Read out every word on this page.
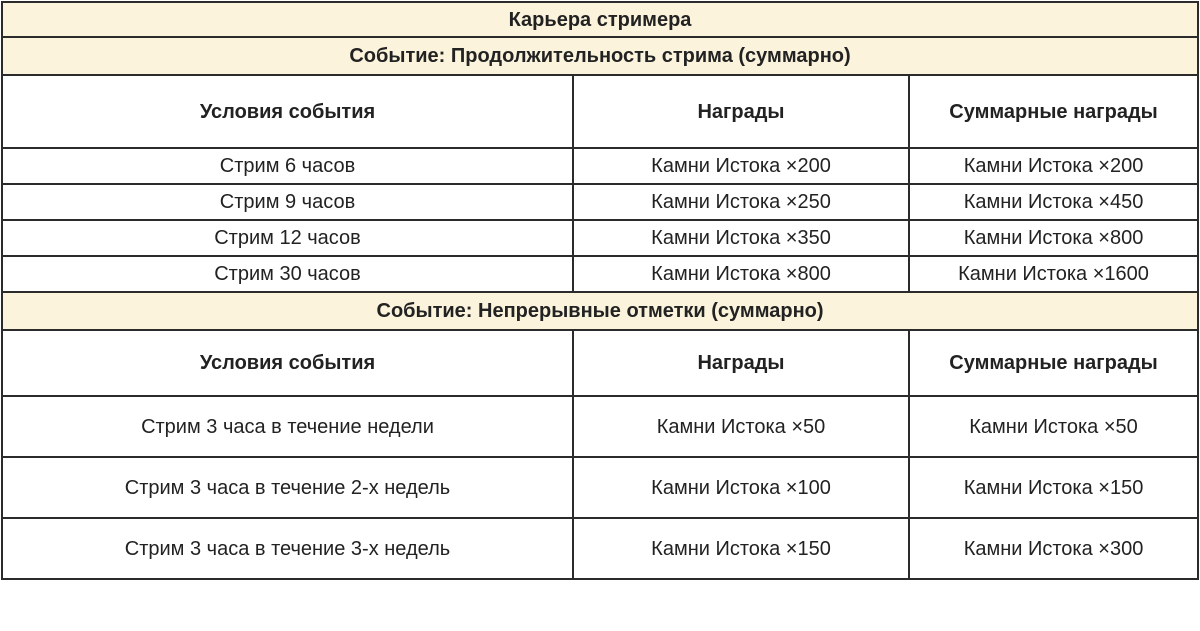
Карьера стримера		
Событие: Продолжительность стрима (суммарно)		
Условия события	Награды	Суммарные награды
Стрим 6 часов	Камни Истока ×200	Камни Истока ×200
Стрим 9 часов	Камни Истока ×250	Камни Истока ×450
Стрим 12 часов	Камни Истока ×350	Камни Истока ×800
Стрим 30 часов	Камни Истока ×800	Камни Истока ×1600
Событие: Непрерывные отметки (суммарно)		
Условия события	Награды	Суммарные награды
Стрим 3 часа в течение недели	Камни Истока ×50	Камни Истока ×50
Стрим 3 часа в течение 2-х недель	Камни Истока ×100	Камни Истока ×150
Стрим 3 часа в течение 3-х недель	Камни Истока ×150	Камни Истока ×300
